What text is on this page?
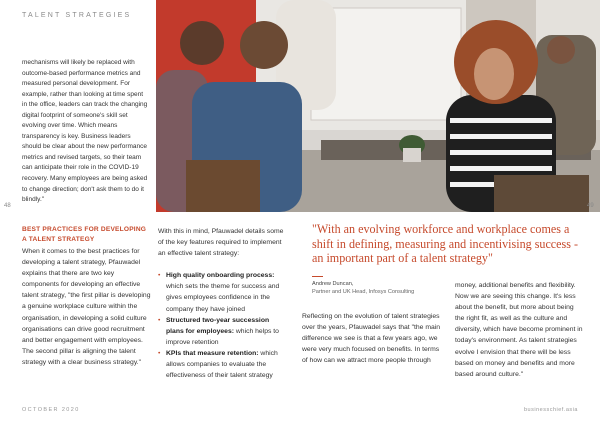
TALENT STRATEGIES
48	49

mechanisms will likely be replaced with outcome-based performance metrics and measured personal development. For example, rather than looking at time spent in the office, leaders can track the changing digital footprint of someone's skill set evolving over time. Which means transparency is key. Business leaders should be clear about the new performance metrics and revised targets, so their team can anticipate their role in the COVID-19 recovery. Many employees are being asked to change direction; don't ask them to do it blindly."

BEST PRACTICES FOR DEVELOPING A TALENT STRATEGY

When it comes to the best practices for developing a talent strategy, Pfauwadel explains that there are two key components for developing an effective talent strategy, "the first pillar is developing a genuine workplace culture within the organisation, in developing a solid culture organisations can drive good recruitment and better engagement with employees. The second pillar is aligning the talent strategy with a clear business strategy."

With this in mind, Pfauwadel details some of the key features required to implement an effective talent strategy:

• High quality onboarding process: which sets the theme for success and gives employees confidence in the company they have joined
• Structured two-year succession plans for employees: which helps to improve retention
• KPIs that measure retention: which allows companies to evaluate the effectiveness of their talent strategy

"With an evolving workforce and workplace comes a shift in defining, measuring and incentivising success - an important part of a talent strategy"

Andrew Duncan,
Partner and UK Head, Infosys Consulting

Reflecting on the evolution of talent strategies over the years, Pfauwadel says that "the main difference we see is that a few years ago, we were very much focused on benefits. In terms of how can we attract more people through

money, additional benefits and flexibility. Now we are seeing this change. It's less about the benefit, but more about being the right fit, as well as the culture and diversity, which have become prominent in today's environment. As talent strategies evolve I envision that there will be less based on money and benefits and more based around culture."

OCTOBER 2020	businesschief.asia
